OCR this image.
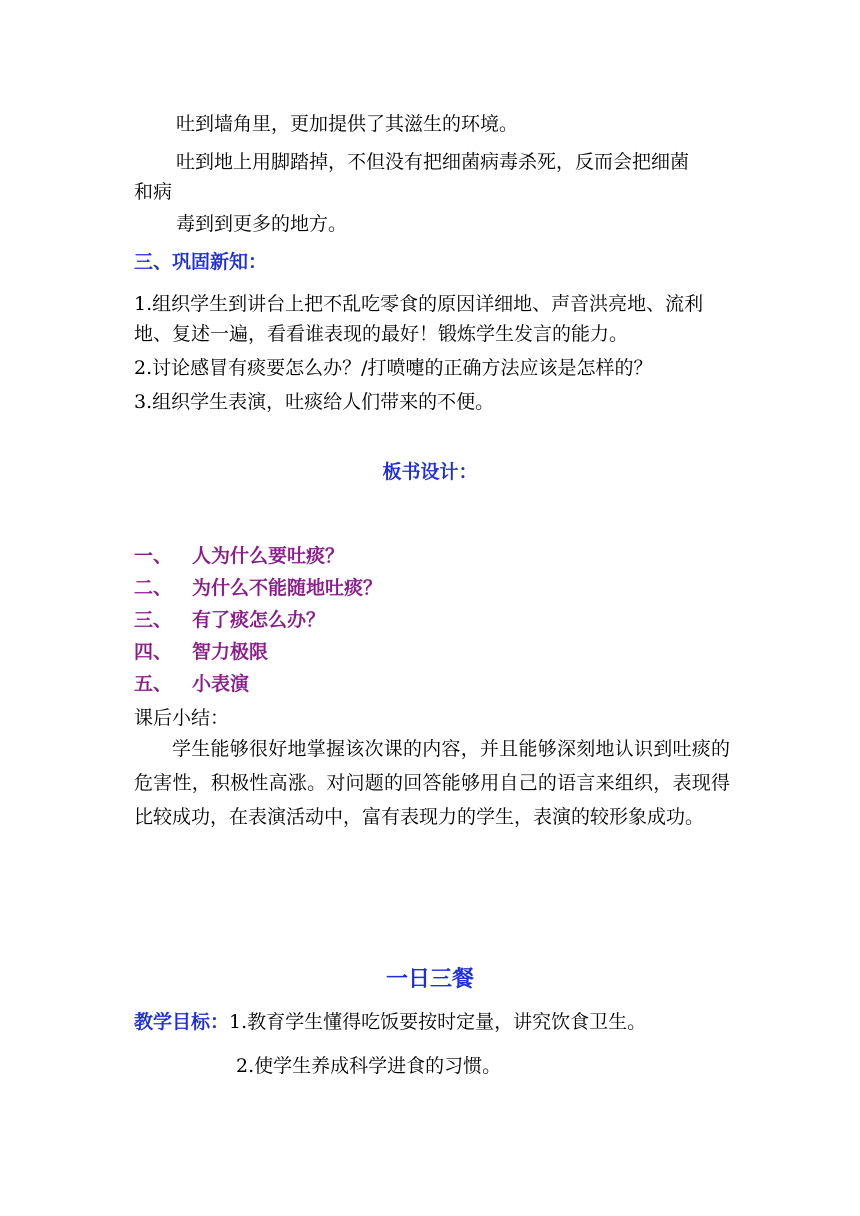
吐到墙角里，更加提供了其滋生的环境。
吐到地上用脚踏掉，不但没有把细菌病毒杀死，反而会把细菌
和病
毒到到更多的地方。
三、巩固新知：
1.组织学生到讲台上把不乱吃零食的原因详细地、声音洪亮地、流利
地、复述一遍，看看谁表现的最好！锻炼学生发言的能力。
2.讨论感冒有痰要怎么办？/打喷嚏的正确方法应该是怎样的？
3.组织学生表演，吐痰给人们带来的不便。
板书设计：
一、 人为什么要吐痰？
二、 为什么不能随地吐痰？
三、 有了痰怎么办？
四、 智力极限
五、 小表演
课后小结：
学生能够很好地掌握该次课的内容，并且能够深刻地认识到吐痰的危害性，积极性高涨。对问题的回答能够用自己的语言来组织，表现得比较成功，在表演活动中，富有表现力的学生，表演的较形象成功。
一日三餐
教学目标：1.教育学生懂得吃饭要按时定量，讲究饮食卫生。
2.使学生养成科学进食的习惯。
